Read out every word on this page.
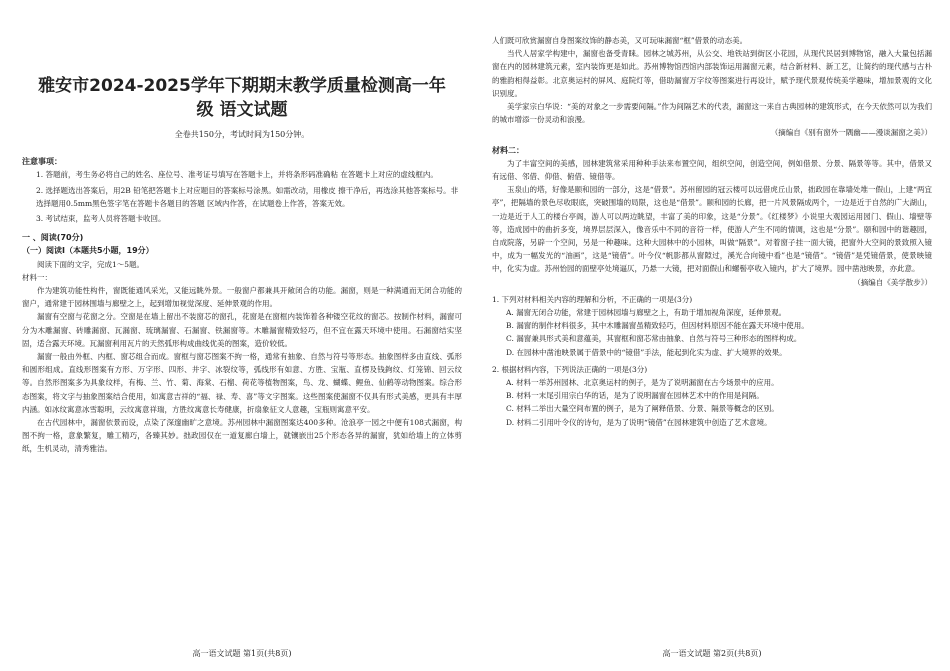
雅安市2024-2025学年下期期末教学质量检测高一年
级 语文试题
全卷共150分，考试时间为150分钟。
注意事项：
1. 答题前，考生务必将自己的姓名、座位号、准考证号填写在答题卡上，并将条形码准确粘 在答题卡上对应的虚线框内。
2. 选择题选出答案后，用2B 铅笔把答题卡上对应题目的答案标号涂黑。如需改动，用橡皮 擦干净后，再选涂其他答案标号。非选择题用0.5mm黑色签字笔在答题卡各题目的答题 区域内作答，在试题卷上作答，答案无效。
3. 考试结束，监考人员将答题卡收回。
一 、阅读(70分)
（一）阅读Ⅰ（本题共5小题，19分）

阅读下面的文字，完成1～5题。

材料一：

作为建筑功能性构件，窗既能通风采光，又能远眺外景。一般窗户都兼具开敞闭合的功能。漏窗，则是一种满通而无闭合功能的窗户，通常建于园林围墙与廊壁之上，起到增加视觉深度、延伸景观的作用。

漏窗有空窗与花窗之分。空窗是在墙上留出不装窗芯的窗孔，花窗是在窗框内装饰着各种镂空花纹的窗芯。按制作材料，漏窗可分为木雕漏窗、砖雕漏窗、瓦漏窗、琉璃漏窗、石漏窗、铁漏窗等。木雕漏窗精致轻巧，但不宜在露天环境中使用。石漏窗结实坚固，适合露天环境。瓦漏窗利用瓦片的天然弧形构成曲线优美的图案，造价较低。

漏窗一般由外框、内框、窗芯组合而成。窗框与窗芯图案不拘一格，通常有抽象、自然与符号等形态。抽象图样多由直线、弧形和圆形组成。直线形图案有方形、万字形、四形、井字、冰裂纹等，弧线形有如意、方胜、宝瓶、直楞及钱鉤纹、灯笼锦、回云纹等。自然形图案多为具象纹样，有梅、兰、竹、菊、海棠、石榴、荷花等植物图案，鸟、龙、蝴蝶、鲤鱼、仙鹤等动物图案。综合形态图案，将文字与抽象图案结合使用，如寓意吉祥的“福、禄、寿、喜”等文字图案。这些图案使漏窗不仅具有形式美感，更具有丰厚内涵。如冰纹寓意冰雪聪明，云纹寓意祥瑞，方胜纹寓意长寿健康，折扇象征文人意趣，宝瓶则寓意平安。

在古代园林中，漏窗依景而设，点染了深邃幽旷之意境。苏州园林中漏窗图案达400多种。沧浪亭一园之中便有108式漏窗，构图不拘一格，意象繁复，雕工精巧，各臻其妙。拙政园仅在一道复廊白墙上，就镶嵌出25个形态各异的漏窗，犹如给墙上的立体剪纸，生机灵动，清秀雅洁。

高一语文试题 第1页(共8页)

人们既可欣赏漏窗自身图案纹饰的静态美，又可玩味漏窗“框”借景的动态美。

当代人居家学构建中，漏窗也备受青睐。园林之城苏州，从公交、地铁站到街区小花园，从现代民居到博物馆，融入大量包括漏窗在内的园林建筑元素，室内装饰更是如此。苏州博物馆西馆内部装饰运用漏窗元素，结合新材料、新工艺，让简约的现代感与古朴的雅韵相得益彰。北京奥运村的屏风、庭院灯等，借助漏窗万字纹等图案进行再设计，赋予现代景观传统美学趣味，增加景观的文化识别度。

美学家宗白华说：“美的对象之一步需要间隔。”作为间隔艺术的代表，漏窗这一来自古典园林的建筑形式，在今天依然可以为我们的城市增添一份灵动和浪漫。

（摘编自《别有窗外一隅幽——漫谈漏窗之美》）

材料二：

为了丰富空间的美感，园林建筑常采用种种手法来布置空间，组织空间，创造空间，例如借景、分景、隔景等等。其中，借景又有远借、邻借、仰借、俯借、镜借等。

玉泉山的塔，好像是颐和园的一部分，这是“借景”。苏州留园的冠云楼可以远借虎丘山景，拙政园在靠墙处堆一假山，上建“两宜亭”，把隔墙的景色尽收眼底，突破围墙的局限，这也是“借景”。颐和园的长廊，把一片风景隔成两个，一边是近于自然的广大湖山，一边是近于人工的楼台亭阁，游人可以两边眺望，丰富了美的印象，这是“分景”。《红楼梦》小说里大观园运用园门、假山、墙壁等等，造成园中的曲折多变，境界层层深入，像音乐中不同的音符一样，使游人产生不同的情调，这也是“分景”。颐和园中的谐趣园，自成院落，另辟一个空间，另是一种趣味。这种大园林中的小园林，叫做“隔景”。对着窗子挂一面大镜，把窗外大空间的景致照入镜中，成为一幅发光的“油画”，这是“镜借”。叶今仪“帆影都从窗隙过，溪光合向镜中看”也是“镜借”。“镜借”是凭镜借景，使景映镜中，化实为虚。苏州怡园的面壁亭处境逼仄，乃悬一大镜，把对面假山和螺髻亭收入镜内，扩大了境界。园中凿池映景，亦此意。

（摘编自《美学散步》）

1. 下列对材料相关内容的理解和分析，不正确的一项是(3分)

A. 漏窗无闭合功能，常建于园林园墙与廊壁之上，有助于增加视角深度，延伸景观。

B. 漏窗的制作材料很多，其中木雕漏窗虽精致轻巧，但因材料原因不能在露天环境中使用。

C. 漏窗兼具形式美和意蕴美，其窗框和窗芯常由抽象、自然与符号三种形态的图样构成。

D. 在园林中凿池映景属于借景中的“镜借”手法，能起到化实为虚、扩大境界的效果。

2. 根据材料内容，下列说法正确的一项是(3分)

A. 材料一举苏州园林、北京奥运村的例子，是为了说明漏窗在古今场景中的应用。

B. 材料一末尾引用宗白华的话，是为了说明漏窗在园林艺术中的作用是间隔。

C. 材料二举出大量空间布置的例子，是为了阐释借景、分景、隔景等概念的区别。

D. 材料二引用叶令仪的诗句，是为了说明“镜借”在园林建筑中创造了艺术意境。

高一语文试题 第2页(共8页)
